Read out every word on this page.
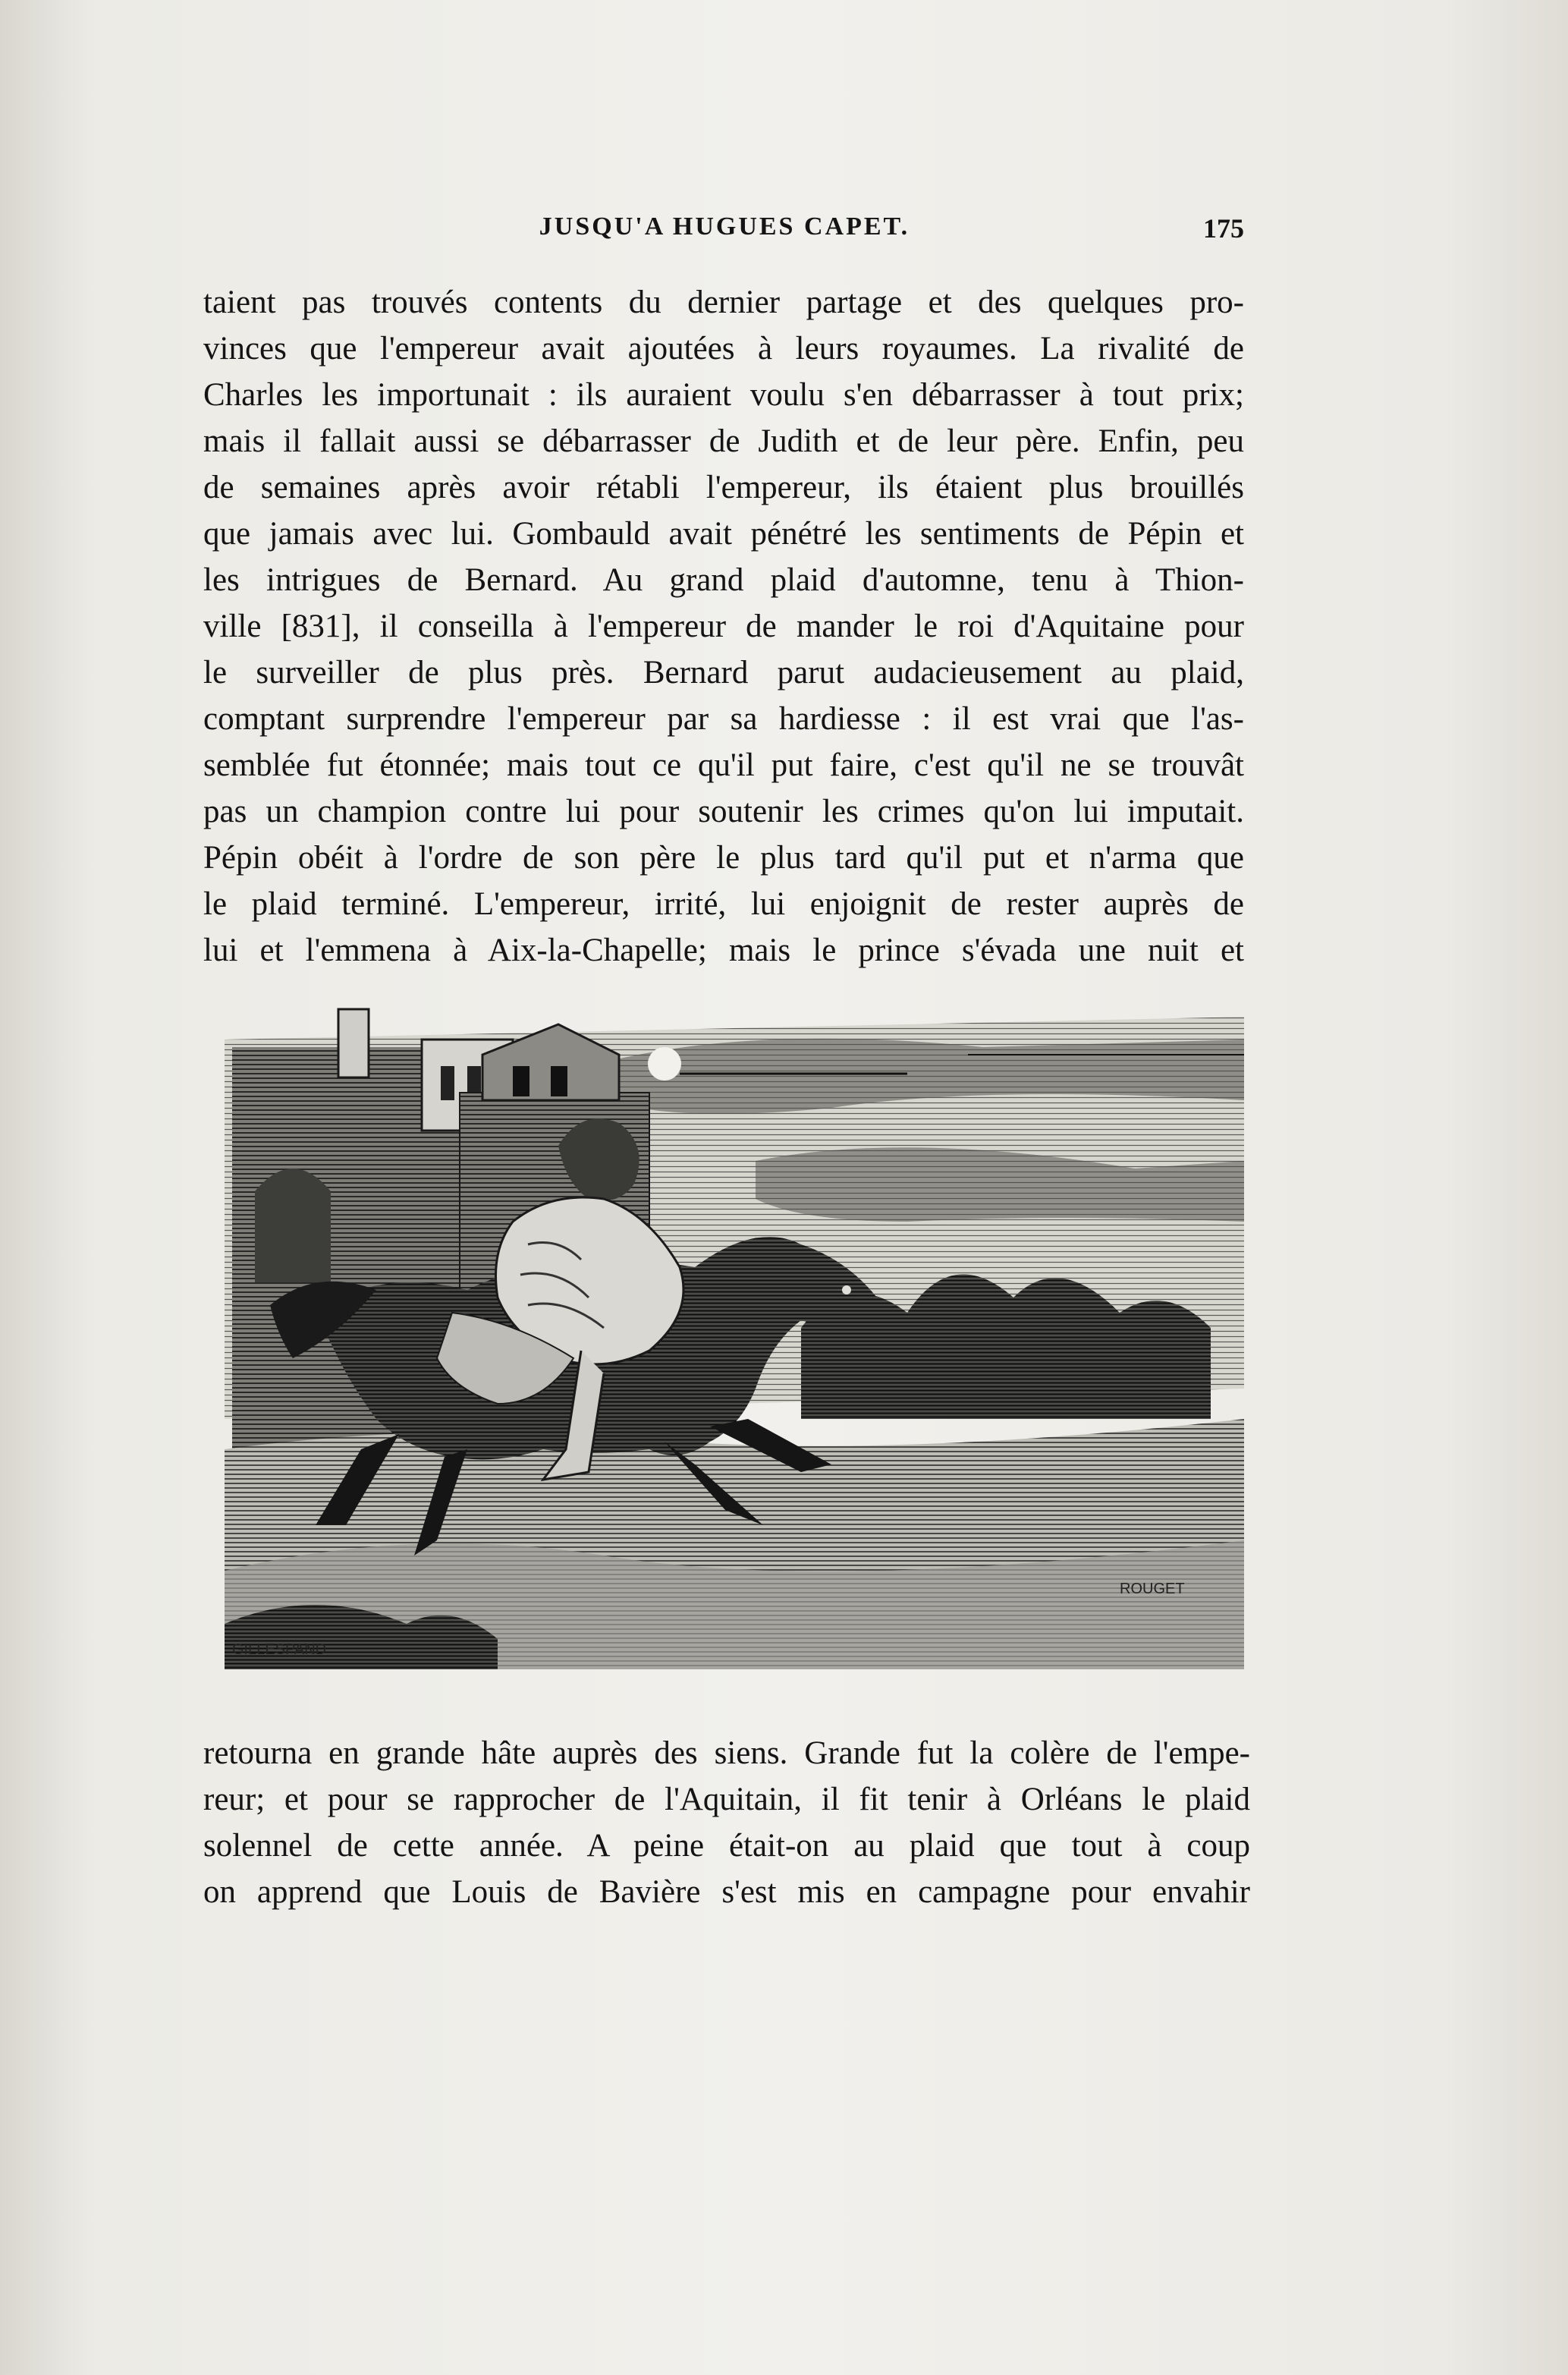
JUSQU'A HUGUES CAPET.	175
taient pas trouvés contents du dernier partage et des quelques pro-
vinces que l'empereur avait ajoutées à leurs royaumes. La rivalité de
Charles les importunait : ils auraient voulu s'en débarrasser à tout prix;
mais il fallait aussi se débarrasser de Judith et de leur père. Enfin, peu
de semaines après avoir rétabli l'empereur, ils étaient plus brouillés
que jamais avec lui. Gombauld avait pénétré les sentiments de Pépin et
les intrigues de Bernard. Au grand plaid d'automne, tenu à Thion-
ville [831], il conseilla à l'empereur de mander le roi d'Aquitaine pour
le surveiller de plus près. Bernard parut audacieusement au plaid,
comptant surprendre l'empereur par sa hardiesse : il est vrai que l'as-
semblée fut étonnée; mais tout ce qu'il put faire, c'est qu'il ne se trouvât
pas un champion contre lui pour soutenir les crimes qu'on lui imputait.
Pépin obéit à l'ordre de son père le plus tard qu'il put et n'arma que
le plaid terminé. L'empereur, irrité, lui enjoignit de rester auprès de
lui et l'emmena à Aix-la-Chapelle; mais le prince s'évada une nuit et
GILLESPAND
ROUGET
retourna en grande hâte auprès des siens. Grande fut la colère de l'empe-
reur; et pour se rapprocher de l'Aquitain, il fit tenir à Orléans le plaid
solennel de cette année. A peine était-on au plaid que tout à coup
on apprend que Louis de Bavière s'est mis en campagne pour envahir
